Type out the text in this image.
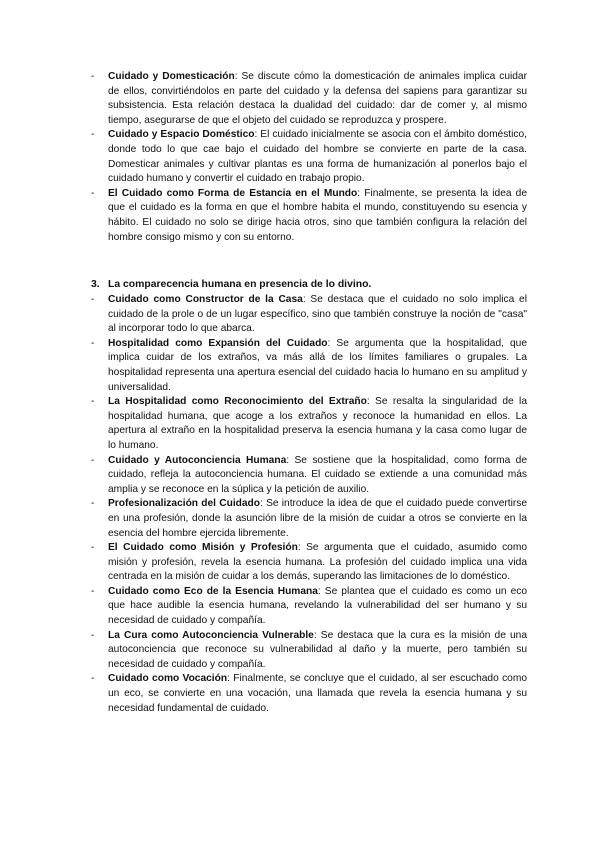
- Cuidado y Domesticación: Se discute cómo la domesticación de animales implica cuidar de ellos, convirtiéndolos en parte del cuidado y la defensa del sapiens para garantizar su subsistencia. Esta relación destaca la dualidad del cuidado: dar de comer y, al mismo tiempo, asegurarse de que el objeto del cuidado se reproduzca y prospere.
- Cuidado y Espacio Doméstico: El cuidado inicialmente se asocia con el ámbito doméstico, donde todo lo que cae bajo el cuidado del hombre se convierte en parte de la casa. Domesticar animales y cultivar plantas es una forma de humanización al ponerlos bajo el cuidado humano y convertir el cuidado en trabajo propio.
- El Cuidado como Forma de Estancia en el Mundo: Finalmente, se presenta la idea de que el cuidado es la forma en que el hombre habita el mundo, constituyendo su esencia y hábito. El cuidado no solo se dirige hacia otros, sino que también configura la relación del hombre consigo mismo y con su entorno.
3. La comparecencia humana en presencia de lo divino.
- Cuidado como Constructor de la Casa: Se destaca que el cuidado no solo implica el cuidado de la prole o de un lugar específico, sino que también construye la noción de "casa" al incorporar todo lo que abarca.
- Hospitalidad como Expansión del Cuidado: Se argumenta que la hospitalidad, que implica cuidar de los extraños, va más allá de los límites familiares o grupales. La hospitalidad representa una apertura esencial del cuidado hacia lo humano en su amplitud y universalidad.
- La Hospitalidad como Reconocimiento del Extraño: Se resalta la singularidad de la hospitalidad humana, que acoge a los extraños y reconoce la humanidad en ellos. La apertura al extraño en la hospitalidad preserva la esencia humana y la casa como lugar de lo humano.
- Cuidado y Autoconciencia Humana: Se sostiene que la hospitalidad, como forma de cuidado, refleja la autoconciencia humana. El cuidado se extiende a una comunidad más amplia y se reconoce en la súplica y la petición de auxilio.
- Profesionalización del Cuidado: Se introduce la idea de que el cuidado puede convertirse en una profesión, donde la asunción libre de la misión de cuidar a otros se convierte en la esencia del hombre ejercida libremente.
- El Cuidado como Misión y Profesión: Se argumenta que el cuidado, asumido como misión y profesión, revela la esencia humana. La profesión del cuidado implica una vida centrada en la misión de cuidar a los demás, superando las limitaciones de lo doméstico.
- Cuidado como Eco de la Esencia Humana: Se plantea que el cuidado es como un eco que hace audible la esencia humana, revelando la vulnerabilidad del ser humano y su necesidad de cuidado y compañía.
- La Cura como Autoconciencia Vulnerable: Se destaca que la cura es la misión de una autoconciencia que reconoce su vulnerabilidad al daño y la muerte, pero también su necesidad de cuidado y compañía.
- Cuidado como Vocación: Finalmente, se concluye que el cuidado, al ser escuchado como un eco, se convierte en una vocación, una llamada que revela la esencia humana y su necesidad fundamental de cuidado.
